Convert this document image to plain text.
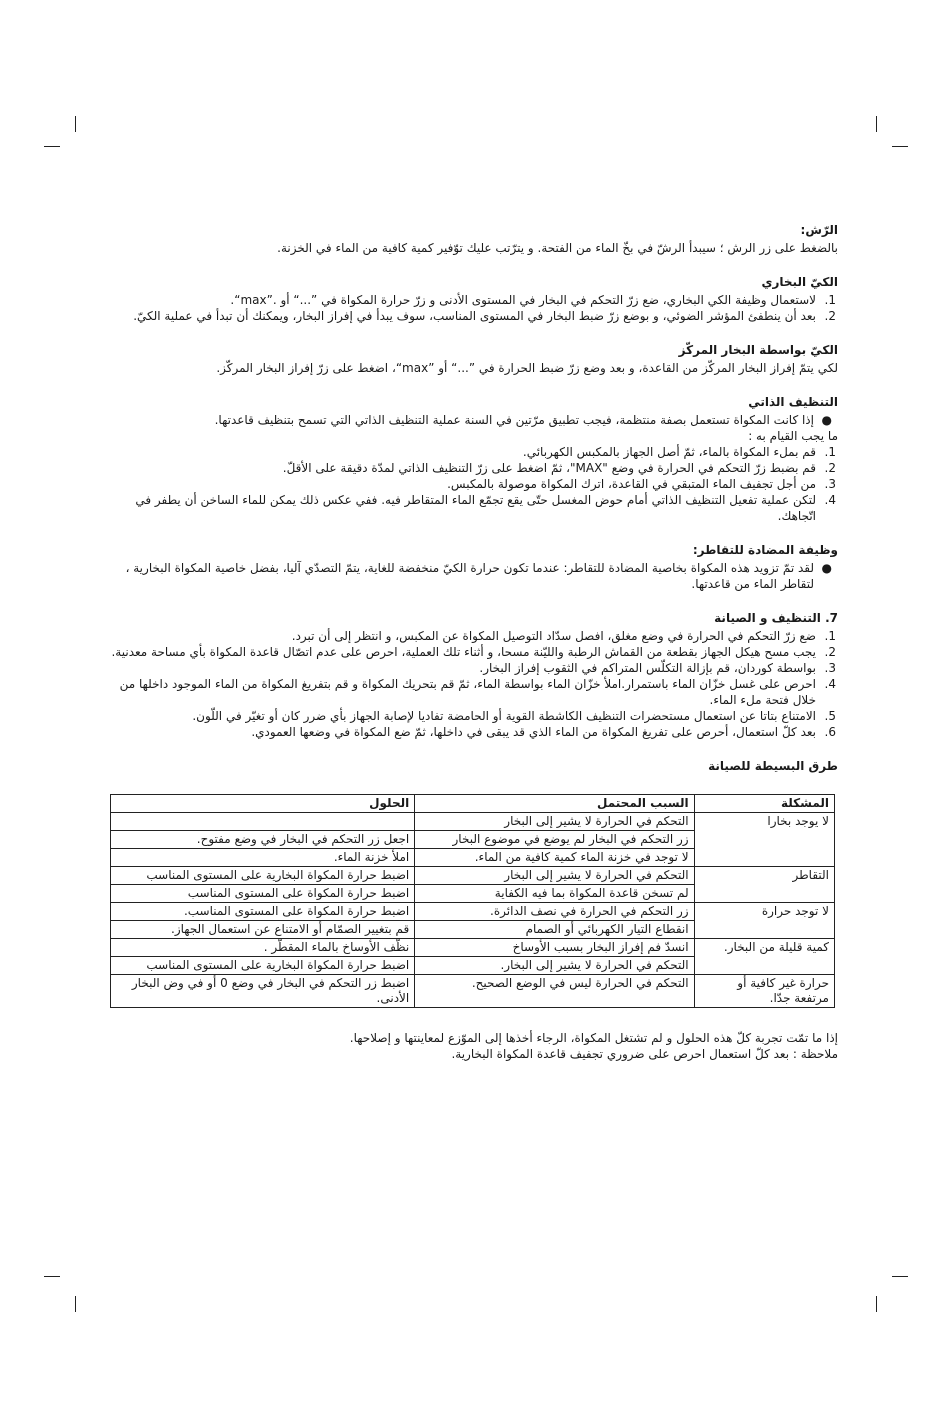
الرّش:

بالضغط على زر الرش ؛ سيبدأ الرشّ في بخّ الماء من الفتحة. و يترّتب عليك توّفير كمية كافية من الماء في الخزنة.

الكيّ البخاري
1.
لاستعمال وظيفة الكي البخاري، ضع زرّ التحكم في البخار في المستوى الأدنى و زرّ حرارة المكواة في ”...“ أو .”max“.
2.
بعد أن ينطفئ المؤشر الضوئي، و بوضع زرّ ضبط البخار في المستوى المناسب، سوف يبدأ في إفراز البخار، ويمكنك أن تبدأ في عملية الكيّ.
الكيّ بواسطة البخار المركّز

لكي يتمّ إفراز البخار المركّز من القاعدة، و بعد وضع زرّ ضبط الحرارة في ”...“ أو ”max“، اضغط على زرّ إفراز البخار المركّز.

التنظيف الذاتي
●
إذا كانت المكواة تستعمل بصفة منتظمة، فيجب تطبيق مرّتين في السنة عملية التنظيف الذاتي التي تسمح بتنظيف قاعدتها.

ما يجب القيام به :

1.
قم بملء المكواة بالماء، ثمّ أصل الجهاز بالمكبس الكهربائي.
2.
قم بضبط زرّ التحكم في الحرارة في وضع "MAX"، ثمّ اضغط على زرّ التنظيف الذاتي لمدّة دقيقة على الأقلّ.
3.
من أجل تجفيف الماء المتبقي في القاعدة، اترك المكواة موصولة بالمكبس.
4.
لتكن عملية تفعيل التنظيف الذاتي أمام حوض المغسل حتّى يقع تجمّع الماء المتقاطر فيه. ففي عكس ذلك يمكن للماء الساخن أن يطفر في اتّجاهك.
وظيفة المضادة للتقاطر:
●
لقد تمّ تزويد هذه المكواة بخاصية المضادة للتقاطر: عندما تكون حرارة الكيّ منخفضة للغاية، يتمّ التصدّي آليا، بفضل خاصية المكواة البخارية ، لتقاطر الماء من قاعدتها.
7. التنظيف و الصيانة
1.
ضع زرّ التحكم في الحرارة في وضع مغلق، افصل سدّاد التوصيل المكواة عن المكبس، و انتظر إلى أن تبرد.
2.
يجب مسح هيكل الجهاز بقطعة من القماش الرطبة والليّنة مسحا، و أثناء تلك العملية، احرص على عدم اتصّال قاعدة المكواة بأي مساحة معدنية.
3.
بواسطة كوردان، قم بإزالة التكلّس المتراكم في الثقوب إفراز البخار.
4.
احرص على غسل خزّان الماء باستمرار.املأ خزّان الماء بواسطة الماء، ثمّ قم بتحريك المكواة و قم بتفريغ المكواة من الماء الموجود داخلها من خلال فتحة ملء الماء.
5.
الامتناع بتاتا عن استعمال مستحضرات التنظيف الكاشطة القوية أو الحامضة تفاديا لإصابة الجهاز بأي ضرر كان أو تغيّر في اللّون.
6.
بعد كلّ استعمال، أحرص على تفريغ المكواة من الماء الذي قد يبقى في داخلها، ثمّ ضع المكواة في وضعها العمودي.
طرق البسيطة للصيانة
المشكلة	السبب المحتمل	الحلول
لا يوجد بخارا	التحكم في الحرارة لا يشير إلى البخار	
	زر التحكم في البخار لم يوضع في موضوع البخار	اجعل زر التحكم في البخار في وضع مفتوح.
	لا توجد في خزنة الماء كمية كافية من الماء.	املأ خزنة الماء.
التقاطر	التحكم في الحرارة لا يشير إلى البخار	اضبط حرارة المكواة البخارية على المستوى المناسب
	لم تسخن قاعدة المكواة بما فيه الكفاية	اضبط حرارة المكواة على المستوى المناسب
لا توجد حرارة	زر التحكم في الحرارة في نصف الدائرة.	اضبط حرارة المكواة على المستوى المناسب.
	انقطاع التيار الكهربائي أو الصمام	قم بتغيير الصمّام أو الامتناع عن استعمال الجهاز.
كمية قليلة من البخار.	انسدّ فم إفراز البخار بسبب الأوساخ	نظّف الأوساخ بالماء المقطّر .
	التحكم في الحرارة لا يشير إلى البخار.	اضبط حرارة المكواة البخارية على المستوى المناسب
حرارة غير كافية أو مرتفعة جدّا.	التحكم في الحرارة ليس في الوضع الصحيح.	اضبط زر التحكم في البخار في وضع 0 أو في وض البخار الأدنى.

إذا ما تمّت تجربة كلّ هذه الحلول و لم تشتغل المكواة، الرجاء أخذها إلى الموّزع لمعاينتها و إصلاحها.

ملاحظة : بعد كلّ استعمال احرص على ضروري تجفيف قاعدة المكواة البخارية.
